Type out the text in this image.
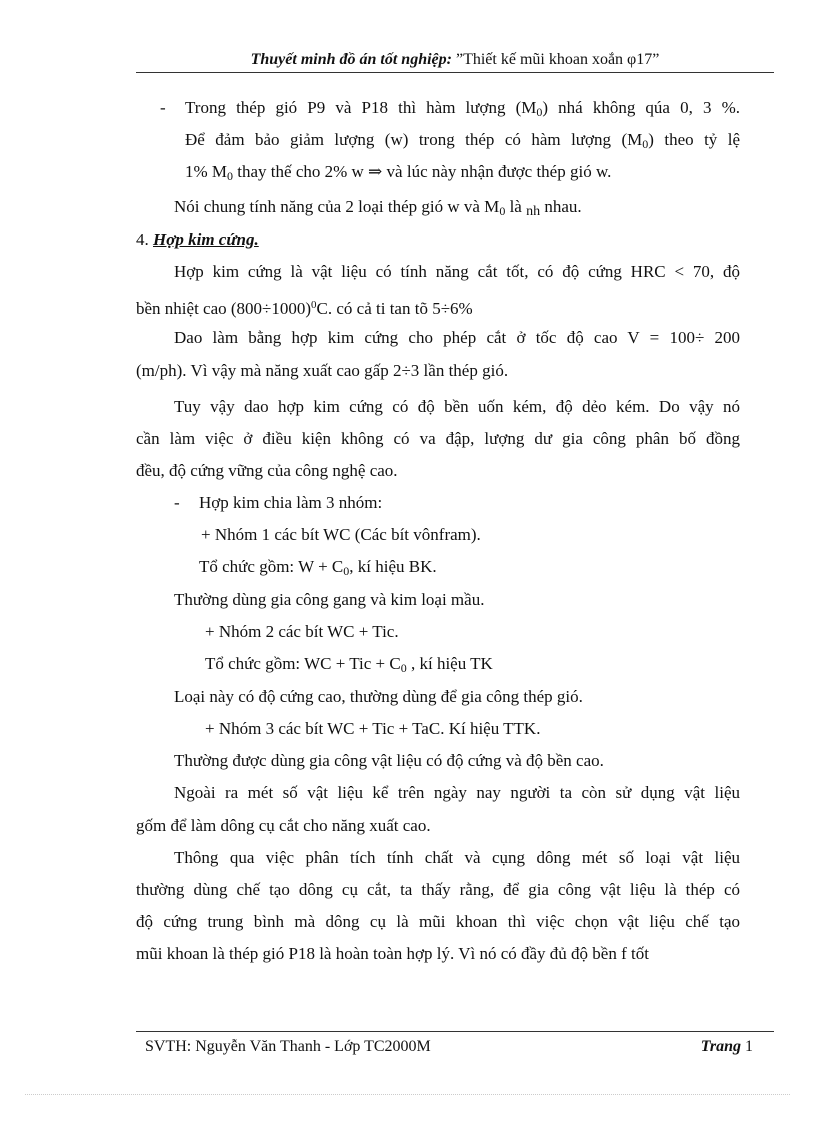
Thuyết minh đồ án tốt nghiệp: ”Thiết kế mũi khoan xoắn φ17”
-	Trong thép gió P9 và P18 thì hàm lượng $(M_0)$ nhá không qúa 0, 3 %.
Để đảm bảo giảm lượng (w) trong thép có hàm lượng $(M_0)$ theo tỷ lệ
1% $M_0$ thay thế cho 2% w ⇒ và lúc này nhận được thép gió w.
Nói chung tính năng của 2 loại thép gió w và $M_0$ là nh nhau.
4. Hợp kim cứng.
Hợp kim cứng là vật liệu có tính năng cắt tốt, có độ cứng HRC < 70, độ
bền nhiệt cao $(800\div 1000)^0C$. có cả ti tan tõ 5÷6%
Dao làm bằng hợp kim cứng cho phép cắt ở tốc độ cao V = 100÷ 200
(m/ph). Vì vậy mà năng xuất cao gấp 2÷3 lần thép gió.
Tuy vậy dao hợp kim cứng có độ bền uốn kém, độ dẻo kém. Do vậy nó
cần làm việc ở điều kiện không có va đập, lượng dư gia công phân bố đồng
đều, độ cứng vững của công nghệ cao.
-	Hợp kim chia làm 3 nhóm:
+ Nhóm 1 các bít WC (Các bít vônfram).
Tổ chức gồm: $W + C_0$, kí hiệu BK.
Thường dùng gia công gang và kim loại mầu.
+ Nhóm 2 các bít WC + Tic.
Tổ chức gồm: WC + Tic + $C_0$ , kí hiệu TK
Loại này có độ cứng cao, thường dùng để gia công thép gió.
+ Nhóm 3 các bít WC + Tic + TaC. Kí hiệu TTK.
Thường được dùng gia công vật liệu có độ cứng và độ bền cao.
Ngoài ra mét số vật liệu kể trên ngày nay người ta còn sử dụng vật liệu
gốm để làm dông cụ cắt cho năng xuất cao.
Thông qua việc phân tích tính chất và cụng dông mét số loại vật liệu
thường dùng chế tạo dông cụ cắt, ta thấy rằng, để gia công vật liệu là thép có
độ cứng trung bình mà dông cụ là mũi khoan thì việc chọn vật liệu chế tạo
mũi khoan là thép gió P18 là hoàn toàn hợp lý. Vì nó có đầy đủ độ bền f tốt
SVTH: Nguyễn Văn Thanh - Lớp TC2000M	Trang 1
